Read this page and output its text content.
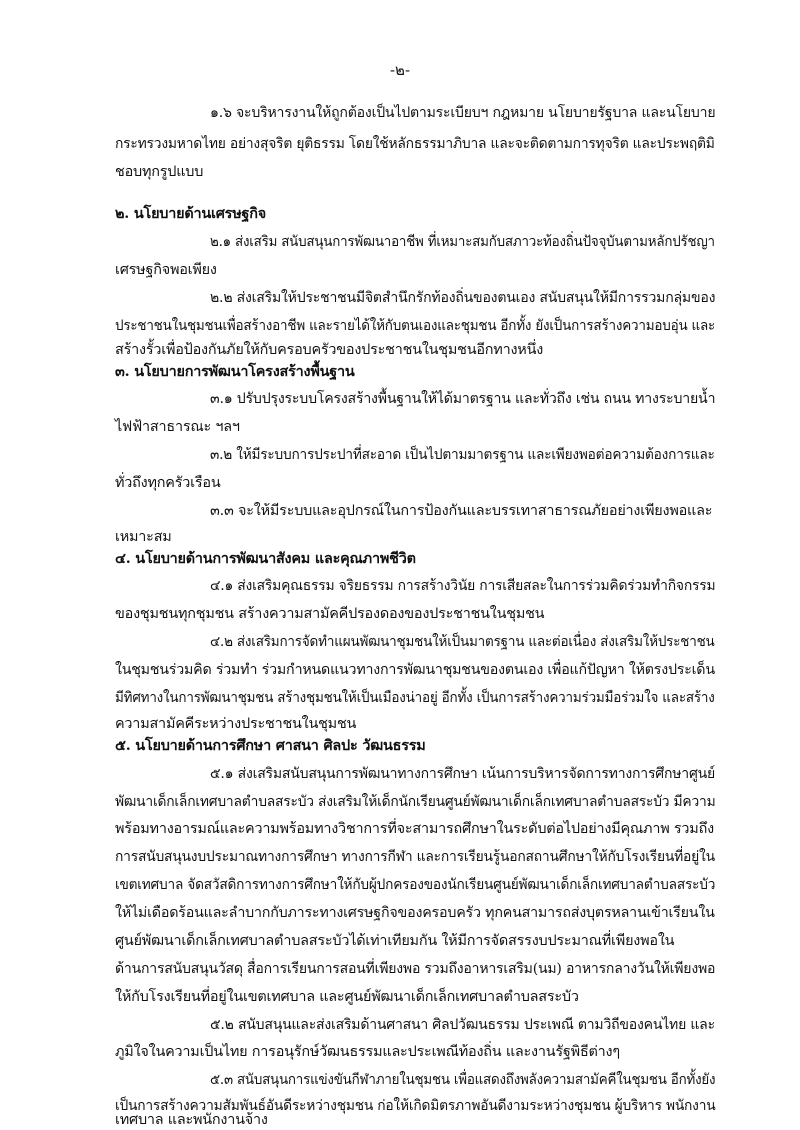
-๒-
๑.๖ จะบริหารงานให้ถูกต้องเป็นไปตามระเบียบฯ กฎหมาย นโยบายรัฐบาล และนโยบาย
กระทรวงมหาดไทย อย่างสุจริต ยุติธรรม โดยใช้หลักธรรมาภิบาล และจะติดตามการทุจริต และประพฤติมิ
ชอบทุกรูปแบบ
๒. นโยบายด้านเศรษฐกิจ
๒.๑ ส่งเสริม สนับสนุนการพัฒนาอาชีพ ที่เหมาะสมกับสภาวะท้องถิ่นปัจจุบันตามหลักปรัชญา
เศรษฐกิจพอเพียง
๒.๒ ส่งเสริมให้ประชาชนมีจิตสำนึกรักท้องถิ่นของตนเอง สนับสนุนให้มีการรวมกลุ่มของ
ประชาชนในชุมชนเพื่อสร้างอาชีพ และรายได้ให้กับตนเองและชุมชน อีกทั้ง ยังเป็นการสร้างความอบอุ่น และ
สร้างรั้วเพื่อป้องกันภัยให้กับครอบครัวของประชาชนในชุมชนอีกทางหนึ่ง
๓. นโยบายการพัฒนาโครงสร้างพื้นฐาน
๓.๑ ปรับปรุงระบบโครงสร้างพื้นฐานให้ได้มาตรฐาน และทั่วถึง เช่น ถนน ทางระบายน้ำ
ไฟฟ้าสาธารณะ ฯลฯ
๓.๒ ให้มีระบบการประปาที่สะอาด เป็นไปตามมาตรฐาน และเพียงพอต่อความต้องการและ
ทั่วถึงทุกครัวเรือน
๓.๓ จะให้มีระบบและอุปกรณ์ในการป้องกันและบรรเทาสาธารณภัยอย่างเพียงพอและ
เหมาะสม
๔. นโยบายด้านการพัฒนาสังคม และคุณภาพชีวิต
๔.๑ ส่งเสริมคุณธรรม จริยธรรม การสร้างวินัย การเสียสละในการร่วมคิดร่วมทำกิจกรรม
ของชุมชนทุกชุมชน สร้างความสามัคคีปรองดองของประชาชนในชุมชน
๔.๒ ส่งเสริมการจัดทำแผนพัฒนาชุมชนให้เป็นมาตรฐาน และต่อเนื่อง ส่งเสริมให้ประชาชน
ในชุมชนร่วมคิด ร่วมทำ ร่วมกำหนดแนวทางการพัฒนาชุมชนของตนเอง เพื่อแก้ปัญหา ให้ตรงประเด็น
มีทิศทางในการพัฒนาชุมชน สร้างชุมชนให้เป็นเมืองน่าอยู่ อีกทั้ง เป็นการสร้างความร่วมมือร่วมใจ และสร้าง
ความสามัคคีระหว่างประชาชนในชุมชน
๕. นโยบายด้านการศึกษา ศาสนา ศิลปะ วัฒนธรรม
๕.๑ ส่งเสริมสนับสนุนการพัฒนาทางการศึกษา เน้นการบริหารจัดการทางการศึกษาศูนย์
พัฒนาเด็กเล็กเทศบาลตำบลสระบัว ส่งเสริมให้เด็กนักเรียนศูนย์พัฒนาเด็กเล็กเทศบาลตำบลสระบัว มีความ
พร้อมทางอารมณ์และความพร้อมทางวิชาการที่จะสามารถศึกษาในระดับต่อไปอย่างมีคุณภาพ รวมถึง
การสนับสนุนงบประมาณทางการศึกษา ทางการกีฬา และการเรียนรู้นอกสถานศึกษาให้กับโรงเรียนที่อยู่ใน
เขตเทศบาล จัดสวัสดิการทางการศึกษาให้กับผู้ปกครองของนักเรียนศูนย์พัฒนาเด็กเล็กเทศบาลตำบลสระบัว
ให้ไม่เดือดร้อนและลำบากกับภาระทางเศรษฐกิจของครอบครัว ทุกคนสามารถส่งบุตรหลานเข้าเรียนใน
ศูนย์พัฒนาเด็กเล็กเทศบาลตำบลสระบัวได้เท่าเทียมกัน ให้มีการจัดสรรงบประมาณที่เพียงพอใน
ด้านการสนับสนุนวัสดุ สื่อการเรียนการสอนที่เพียงพอ รวมถึงอาหารเสริม(นม) อาหารกลางวันให้เพียงพอ
ให้กับโรงเรียนที่อยู่ในเขตเทศบาล และศูนย์พัฒนาเด็กเล็กเทศบาลตำบลสระบัว
๕.๒ สนับสนุนและส่งเสริมด้านศาสนา ศิลปวัฒนธรรม ประเพณี ตามวิถีของคนไทย และ
ภูมิใจในความเป็นไทย การอนุรักษ์วัฒนธรรมและประเพณีท้องถิ่น และงานรัฐพิธีต่างๆ
๕.๓ สนับสนุนการแข่งขันกีฬาภายในชุมชน เพื่อแสดงถึงพลังความสามัคคีในชุมชน อีกทั้งยัง
เป็นการสร้างความสัมพันธ์อันดีระหว่างชุมชน ก่อให้เกิดมิตรภาพอันดีงามระหว่างชุมชน ผู้บริหาร พนักงาน
เทศบาล และพนักงานจ้าง
